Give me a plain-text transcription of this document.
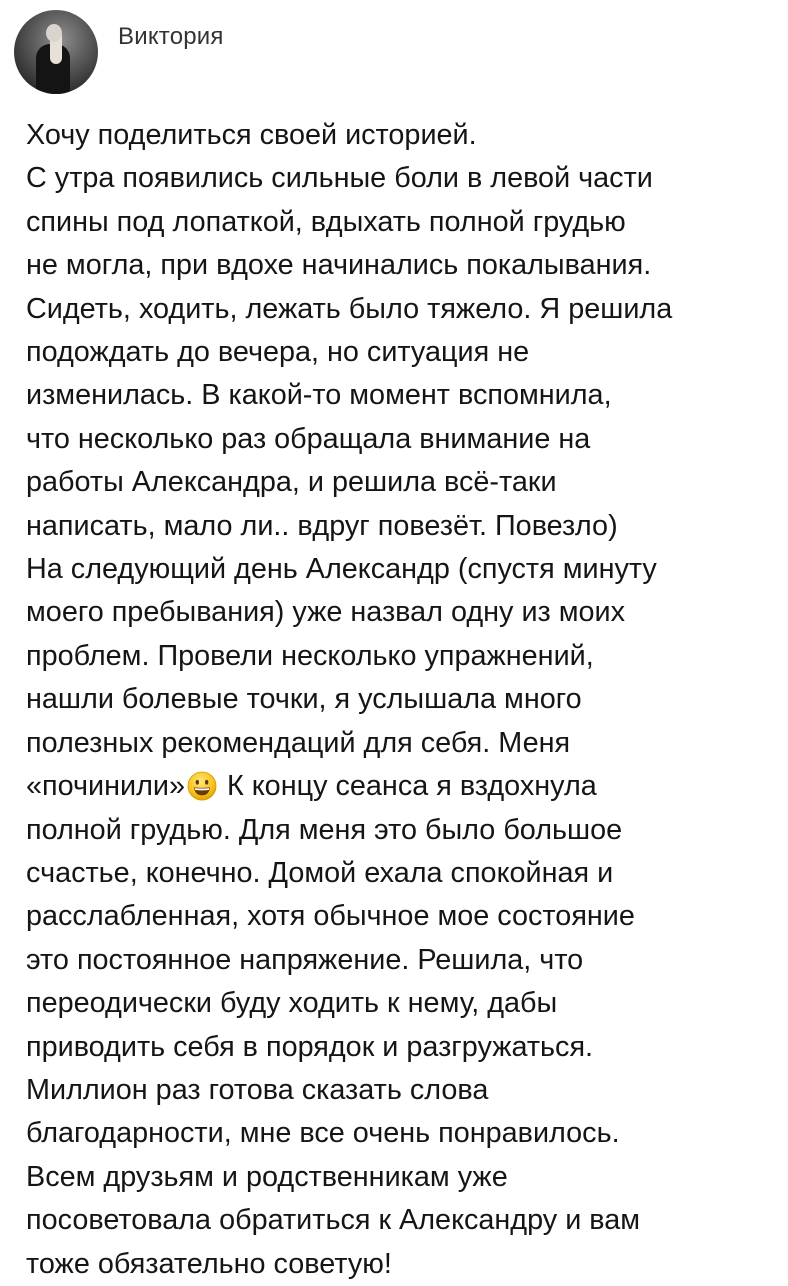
Виктория
Хочу поделиться своей историей.
С утра появились сильные боли в левой части
спины под лопаткой, вдыхать полной грудью
не могла, при вдохе начинались покалывания.
Сидеть, ходить, лежать было тяжело. Я решила
подождать до вечера, но ситуация не
изменилась. В какой-то момент вспомнила,
что несколько раз обращала внимание на
работы Александра, и решила всё-таки
написать, мало ли.. вдруг повезёт. Повезло)
На следующий день Александр (спустя минуту
моего пребывания) уже назвал одну из моих
проблем. Провели несколько упражнений,
нашли болевые точки, я услышала много
полезных рекомендаций для себя. Меня
«починили» К концу сеанса я вздохнула
полной грудью. Для меня это было большое
счастье, конечно. Домой ехала спокойная и
расслабленная, хотя обычное мое состояние
это постоянное напряжение. Решила, что
переодически буду ходить к нему, дабы
приводить себя в порядок и разгружаться.
Миллион раз готова сказать слова
благодарности, мне все очень понравилось.
Всем друзьям и родственникам уже
посоветовала обратиться к Александру и вам
тоже обязательно советую!
